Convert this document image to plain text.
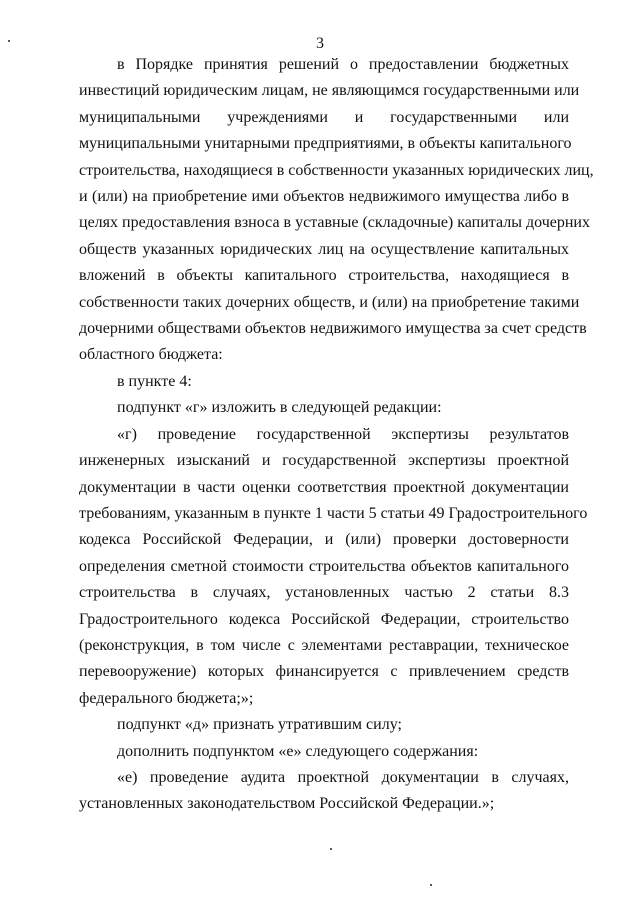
3
в Порядке принятия решений о предоставлении бюджетных
инвестиций юридическим лицам, не являющимся государственными или
муниципальными учреждениями и государственными или
муниципальными унитарными предприятиями, в объекты капитального
строительства, находящиеся в собственности указанных юридических лиц,
и (или) на приобретение ими объектов недвижимого имущества либо в
целях предоставления взноса в уставные (складочные) капиталы дочерних
обществ указанных юридических лиц на осуществление капитальных
вложений в объекты капитального строительства, находящиеся в
собственности таких дочерних обществ, и (или) на приобретение такими
дочерними обществами объектов недвижимого имущества за счет средств
областного бюджета:

в пункте 4:

подпункт «г» изложить в следующей редакции:

«г) проведение государственной экспертизы результатов
инженерных изысканий и государственной экспертизы проектной
документации в части оценки соответствия проектной документации
требованиям, указанным в пункте 1 части 5 статьи 49 Градостроительного
кодекса Российской Федерации, и (или) проверки достоверности
определения сметной стоимости строительства объектов капитального
строительства в случаях, установленных частью 2 статьи 8.3
Градостроительного кодекса Российской Федерации, строительство
(реконструкция, в том числе с элементами реставрации, техническое
перевооружение) которых финансируется с привлечением средств
федерального бюджета;»;

подпункт «д» признать утратившим силу;

дополнить подпунктом «е» следующего содержания:

«е) проведение аудита проектной документации в случаях,
установленных законодательством Российской Федерации.»;
